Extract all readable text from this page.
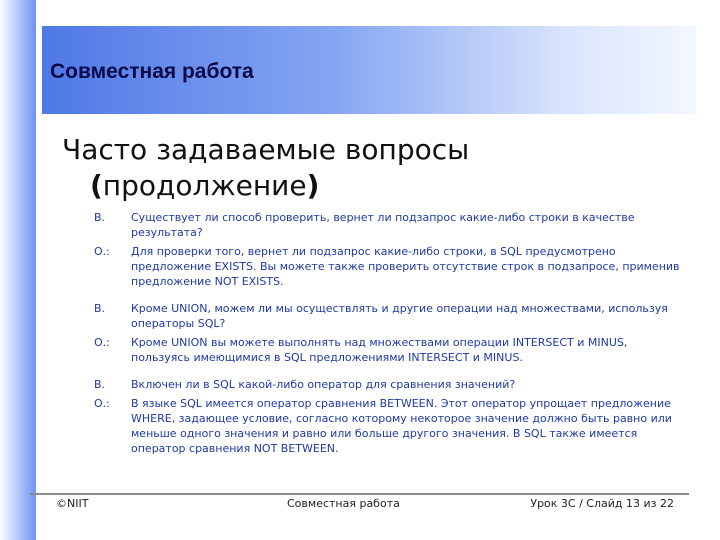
Совместная работа
Часто задаваемые вопросы
(продолжение)
В.	Существует ли способ проверить, вернет ли подзапрос какие-либо строки в качестве результата?
О.:	Для проверки того, вернет ли подзапрос какие-либо строки, в SQL предусмотрено предложение EXISTS. Вы можете также проверить отсутствие строк в подзапросе, применив предложение NOT EXISTS.
В.	Кроме UNION, можем ли мы осуществлять и другие операции над множествами, используя операторы SQL?
О.:	Кроме UNION вы можете выполнять над множествами операции INTERSECT и MINUS, пользуясь имеющимися в SQL предложениями INTERSECT и MINUS.
В.	Включен ли в SQL какой-либо оператор для сравнения значений?
О.:	В языке SQL имеется оператор сравнения BETWEEN. Этот оператор упрощает предложение WHERE, задающее условие, согласно которому некоторое значение должно быть равно или меньше одного значения и равно или больше другого значения. В SQL также имеется оператор сравнения NOT BETWEEN.
©NIIT	Совместная работа	Урок 3C / Слайд 13 из 22
